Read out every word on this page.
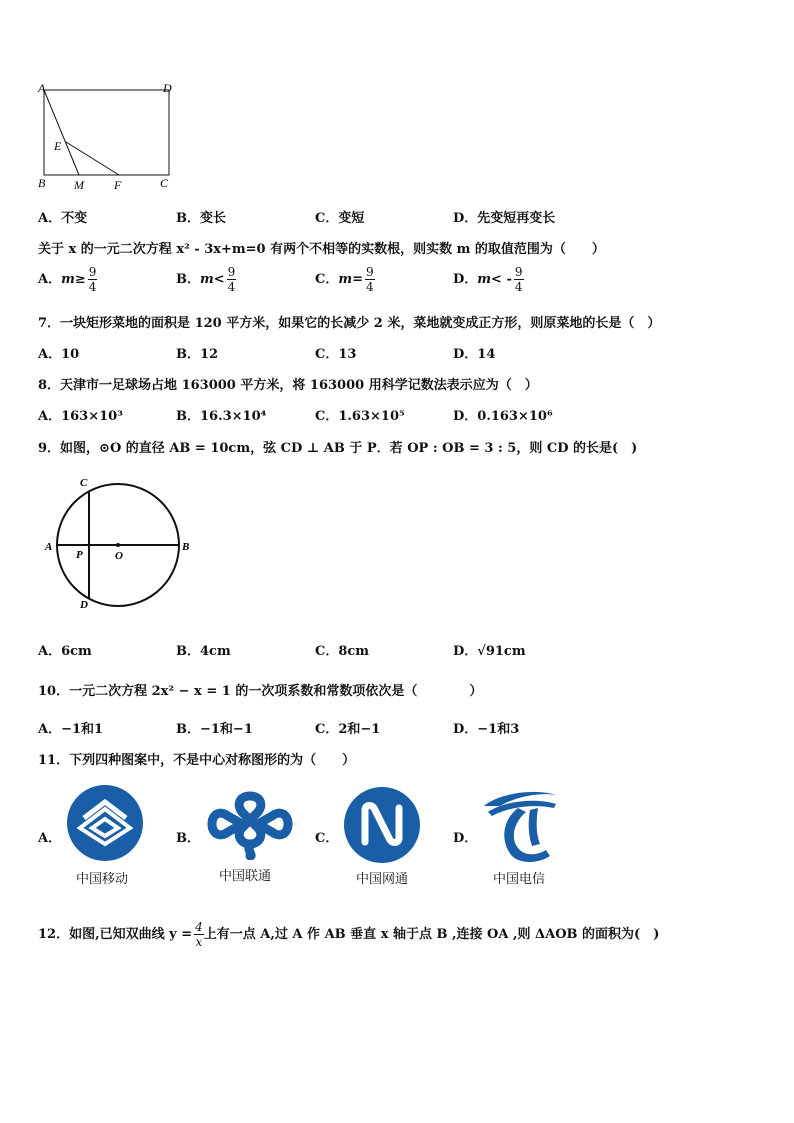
A	D
E
B M	F	C
A．不变	B．变长	C．变短	D．先变短再变长
关于 x 的一元二次方程 x² - 3x+m=0 有两个不相等的实数根，则实数 m 的取值范围为（　　）
A．$m\ge \frac{9}{4}$	B．$m< \frac{9}{4}$	C．$m= \frac{9}{4}$	D．$m< - \frac{9}{4}$
7．一块矩形菜地的面积是 120 平方米，如果它的长减少 2 米，菜地就变成正方形，则原菜地的长是（　）
A．10	B．12	C．13	D．14
8．天津市一足球场占地 163000 平方米，将 163000 用科学记数法表示应为（　）
A．163×10³	B．16.3×10⁴	C．1.63×10⁵	D．0.163×10⁶
9．如图，⊙O 的直径 AB = 10cm，弦 CD ⊥ AB 于 P．若 OP : OB = 3 : 5，则 CD 的长是(　)
C
A
P	O
B
D
A．6cm	B．4cm	C．8cm	D．√91cm
10．一元二次方程 2x² − x = 1 的一次项系数和常数项依次是（　　　　）
A．−1和1	B．−1和−1	C．2和−1	D．−1和3
11．下列四种图案中，不是中心对称图形的为（　　）
A．
中国移动
B．
中国联通
C．
中国网通
D．
中国电信
12．如图,已知双曲线 $y = \frac{4}{x}$ 上有一点 A,过 A 作 AB 垂直 x 轴于点 B ,连接 OA ,则 ΔAOB 的面积为(　)
